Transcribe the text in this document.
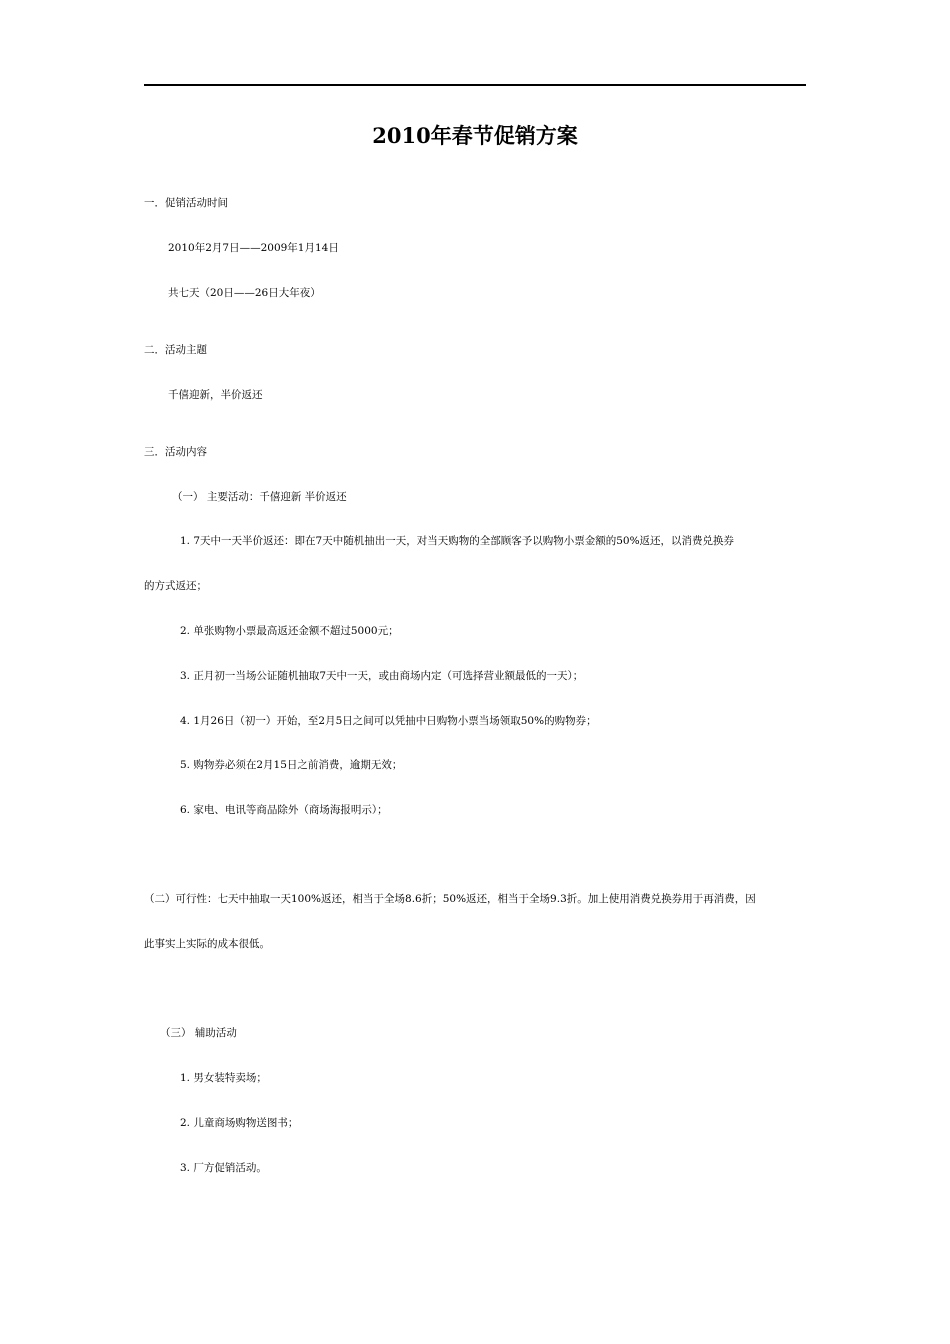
2010年春节促销方案
一．促销活动时间
2010年2月7日——2009年1月14日
共七天（20日——26日大年夜）
二．活动主题
千僖迎新，半价返还
三．活动内容
（一） 主要活动：千僖迎新 半价返还
1. 7天中一天半价返还：即在7天中随机抽出一天，对当天购物的全部顾客予以购物小票金额的50%返还，以消费兑换券
的方式返还；
2. 单张购物小票最高返还金额不超过5000元；
3. 正月初一当场公证随机抽取7天中一天，或由商场内定（可选择营业额最低的一天）；
4. 1月26日（初一）开始，至2月5日之间可以凭抽中日购物小票当场领取50%的购物券；
5. 购物券必须在2月15日之前消费，逾期无效；
6. 家电、电讯等商品除外（商场海报明示）；
（二）可行性：七天中抽取一天100%返还，相当于全场8.6折；50%返还，相当于全场9.3折。加上使用消费兑换券用于再消费，因
此事实上实际的成本很低。
（三） 辅助活动
1. 男女装特卖场；
2. 儿童商场购物送图书；
3. 厂方促销活动。
